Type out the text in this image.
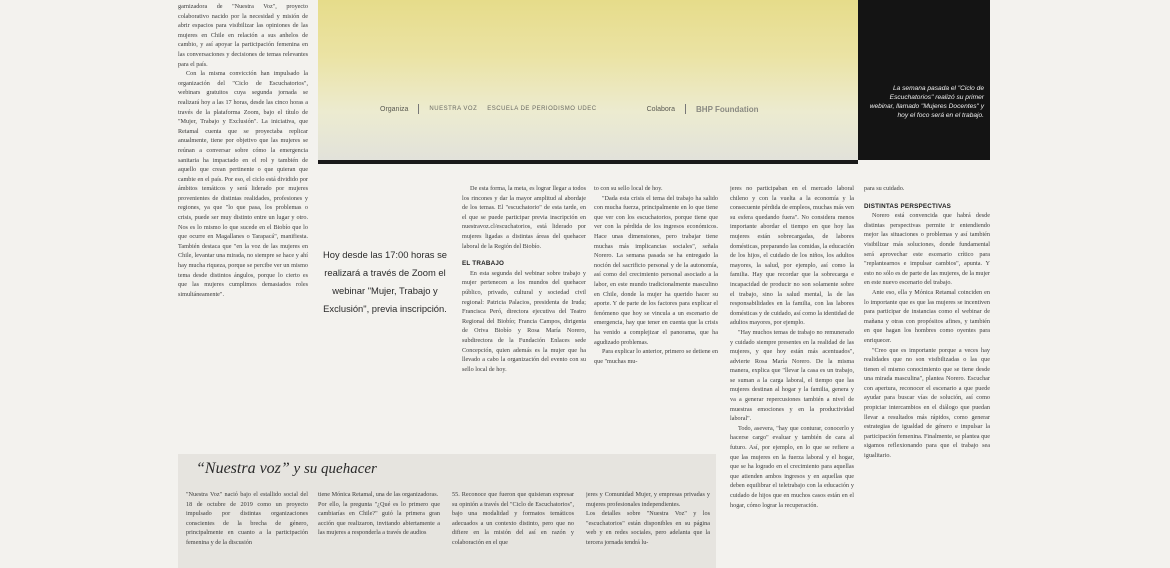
Organiza	NUESTRA VOZ ESCUELA DE PERIODISMO UDEC	Colabora	BHP Foundation
La semana pasada el "Ciclo de Escuchatorios" realizó su primer webinar, llamado "Mujeres Docentes" y hoy el foco será en el trabajo.

garnizadora de "Nuestra Voz", proyecto colaborativo nacido por la necesidad y misión de abrir espacios para visibilizar las opiniones de las mujeres en Chile en relación a sus anhelos de cambio, y así apoyar la participación femenina en las conversaciones y decisiones de temas relevantes para el país.

Con la misma convicción han impulsado la organización del "Ciclo de Escuchatorios", webinars gratuitos cuya segunda jornada se realizará hoy a las 17 horas, desde las cinco horas a través de la plataforma Zoom, bajo el título de "Mujer, Trabajo y Exclusión". La iniciativa, que Retamal cuenta que se proyectaba replicar anualmente, tiene por objetivo que las mujeres se reúnan a conversar sobre cómo la emergencia sanitaria ha impactado en el rol y también de aquello que crean pertinente o que quieran que cambie en el país. Por eso, el ciclo está dividido por ámbitos temáticos y será liderado por mujeres provenientes de distintas realidades, profesiones y regiones, ya que "lo que pasa, los problemas o crisis, puede ser muy distinto entre un lugar y otro. Nos es lo mismo lo que sucede en el Biobío que lo que ocurre en Magallanes o Tarapacá", manifiesta. También destaca que "en la voz de las mujeres en Chile, levantar una mirada, no siempre se hace y ahí hay mucha riqueza, porque se percibe ver un mismo tema desde distintos ángulos, porque lo cierto es que las mujeres cumplimos demasiados roles simultáneamente".

Hoy desde las 17:00 horas se realizará a través de Zoom el webinar "Mujer, Trabajo y Exclusión", previa inscripción.

De esta forma, la meta, es lograr llegar a todos los rincones y dar la mayor amplitud al abordaje de los temas. El "escuchatorio" de esta tarde, en el que se puede participar previa inscripción en nuestravoz.cl/escuchatorios, está liderado por mujeres ligadas a distintas áreas del quehacer laboral de la Región del Biobío.

EL TRABAJO

En esta segunda del webinar sobre trabajo y mujer pertenecen a los mundos del quehacer público, privado, cultural y sociedad civil regional: Patricia Palacios, presidenta de Iruda; Francisca Peró, directora ejecutiva del Teatro Regional del Biobío; Francia Campos, dirigenta de Oriva Biobío y Rosa María Norero, subdirectora de la Fundación Enlaces sede Concepción, quien además es la mujer que ha llevado a cabo la organización del evento con su sello local de hoy.

to con su sello local de hoy.

"Dada esta crisis el tema del trabajo ha salido con mucha fuerza, principalmente en lo que tiene que ver con los escuchatorios, porque tiene que ver con la pérdida de los ingresos económicos. Hace unas dimensiones, pero trabajar tiene muchas más implicancias sociales", señala Norero. La semana pasada se ha entregado la noción del sacrificio personal y de la autonomía, así como del crecimiento personal asociado a la labor, en este mundo tradicionalmente masculino en Chile, donde la mujer ha querido hacer su aporte. Y de parte de los factores para explicar el fenómeno que hoy se vincula a un escenario de emergencia, hay que tener en cuenta que la crisis ha venido a complejizar el panorama, que ha agudizado problemas.

Para explicar lo anterior, primero se detiene en que "muchas mu-

jeres no participaban en el mercado laboral chileno y con la vuelta a la economía y la consecuente pérdida de empleos, muchas más ven su esfera quedando fuera". No considera menos importante abordar el tiempo en que hoy las mujeres están sobrecargadas, de labores domésticas, preparando las comidas, la educación de los hijos, el cuidado de los niños, los adultos mayores, la salud, por ejemplo, así como la familia. Hay que recordar que la sobrecarga e incapacidad de producir no son solamente sobre el trabajo, sino la salud mental, la de las responsabilidades en la familia, con las labores domésticas y de cuidado, así como la identidad de adultos mayores, por ejemplo.

"Hay muchos temas de trabajo no remunerado y cuidado siempre presentes en la realidad de las mujeres, y que hoy están más acentuados", advierte Rosa María Norero. De la misma manera, explica que "llevar la casa es un trabajo, se suman a la carga laboral, el tiempo que las mujeres destinan al hogar y la familia, genera y va a generar repercusiones también a nivel de muestras emociones y en la productividad laboral".

Todo, asevera, "hay que conturar, conocerlo y hacerse cargo" evaluar y también de cara al futuro. Así, por ejemplo, en lo que se refiere a que las mujeres en la fuerza laboral y el hogar, que se ha logrado en el crecimiento para aquellas que atienden ambos ingresos y en aquellas que deben equilibrar el teletrabajo con la educación y cuidado de hijos que en muchos casos están en el hogar, cómo lograr la recuperación.

para su cuidado.

DISTINTAS PERSPECTIVAS

Norero está convencida que habrá desde distintas perspectivas permite ir entendiendo mejor las situaciones o problemas y así también visibilizar más soluciones, donde fundamental será aprovechar este escenario crítico para "replantearnos e impulsar cambios", apunta. Y esto no sólo es de parte de las mujeres, de la mujer en este nuevo escenario del trabajo.

Ante eso, ella y Mónica Retamal coinciden en lo importante que es que las mujeres se incentiven para participar de instancias como el webinar de mañana y otras con propósitos afines, y también en que hagan los hombres como oyentes para enriquecer.

"Creo que es importante porque a veces hay realidades que no son visibilizadas o las que tienen el mismo conocimiento que se tiene desde una mirada masculina", plantea Norero. Escuchar con apertura, reconocer el escenario a que puede ayudar para buscar vías de solución, así como propiciar intercambios en el diálogo que puedan llevar a resultados más rápidos, como generar estrategias de igualdad de género e impulsar la participación femenina. Finalmente, se plantea que sigamos reflexionando para que el trabajo sea igualitario.

“Nuestra voz” y su quehacer
"Nuestra Voz" nació bajo el estallido social del 18 de octubre de 2019 como un proyecto impulsado por distintas organizaciones conscientes de la brecha de género, principalmente en cuanto a la participación femenina y de la discusión
tiene Mónica Retamal, una de las organizadoras.
Por ello, la pregunta "¿Qué es lo primero que cambiarías en Chile?" guió la primera gran acción que realizaron, invitando abiertamente a las mujeres a responderla a través de audios
55. Reconoce que fueron que quisieran expresar su opinión a través del "Ciclo de Escuchatorios", bajo una modalidad y formatos temáticos adecuados a un contexto distinto, pero que no difiere en la misión del así en razón y colaboración en el que
jeres y Comunidad Mujer, y empresas privadas y mujeres profesionales independientes.
Los detalles sobre "Nuestra Voz" y los "escuchatorios" están disponibles en su página web y en redes sociales, pero adelanta que la tercera jornada tendrá lu-
